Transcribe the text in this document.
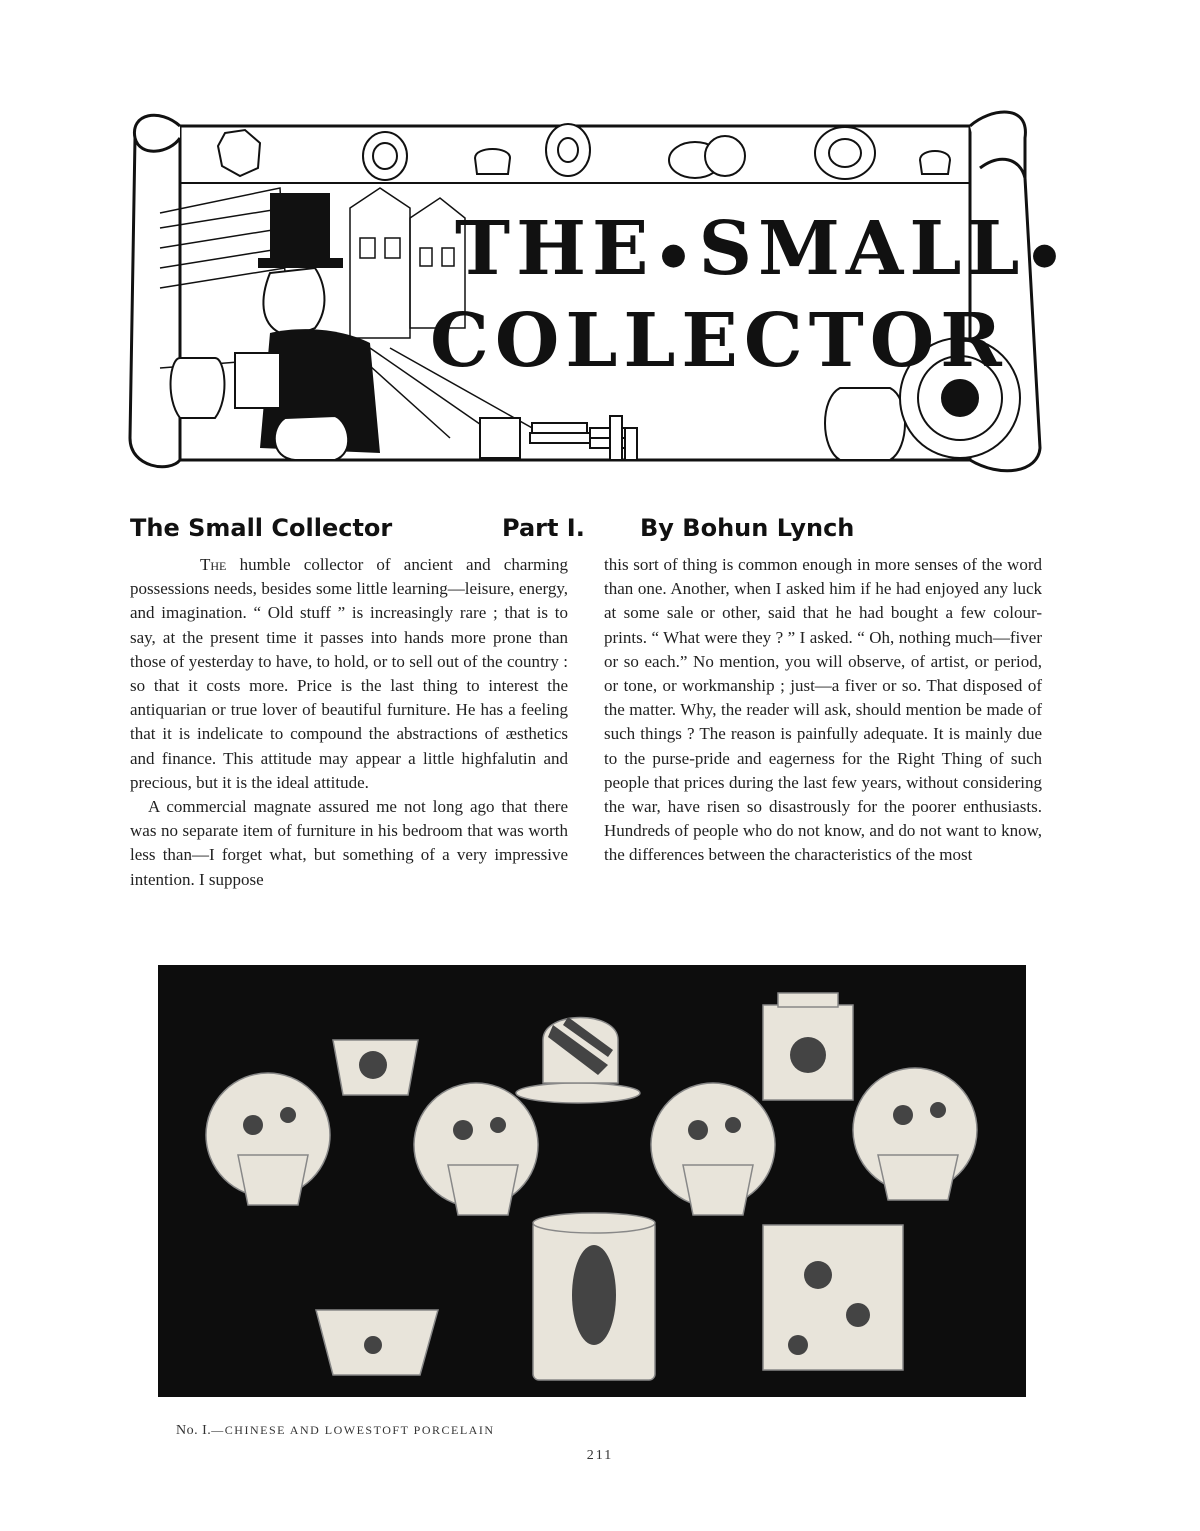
THE ●SMALL ●
COLLECTOR
The Small Collector	Part I. By Bohun Lynch

The humble collector of ancient and charming possessions needs, besides some little learning—leisure, energy, and imagination. “ Old stuff ” is increasingly rare ; that is to say, at the present time it passes into hands more prone than those of yesterday to have, to hold, or to sell out of the country : so that it costs more. Price is the last thing to interest the antiquarian or true lover of beautiful furniture. He has a feeling that it is indelicate to compound the abstractions of æsthetics and finance. This attitude may appear a little highfalutin and precious, but it is the ideal attitude.

A commercial magnate assured me not long ago that there was no separate item of furniture in his bedroom that was worth less than—I forget what, but something of a very impressive intention. I suppose

this sort of thing is common enough in more senses of the word than one. Another, when I asked him if he had enjoyed any luck at some sale or other, said that he had bought a few colour-prints. “ What were they ? ” I asked. “ Oh, nothing much—fiver or so each.” No mention, you will observe, of artist, or period, or tone, or workmanship ; just—a fiver or so. That disposed of the matter. Why, the reader will ask, should mention be made of such things ? The reason is painfully adequate. It is mainly due to the purse-pride and eagerness for the Right Thing of such people that prices during the last few years, without considering the war, have risen so disastrously for the poorer enthusiasts. Hundreds of people who do not know, and do not want to know, the differences between the characteristics of the most

No. I.—CHINESE AND LOWESTOFT PORCELAIN
211
